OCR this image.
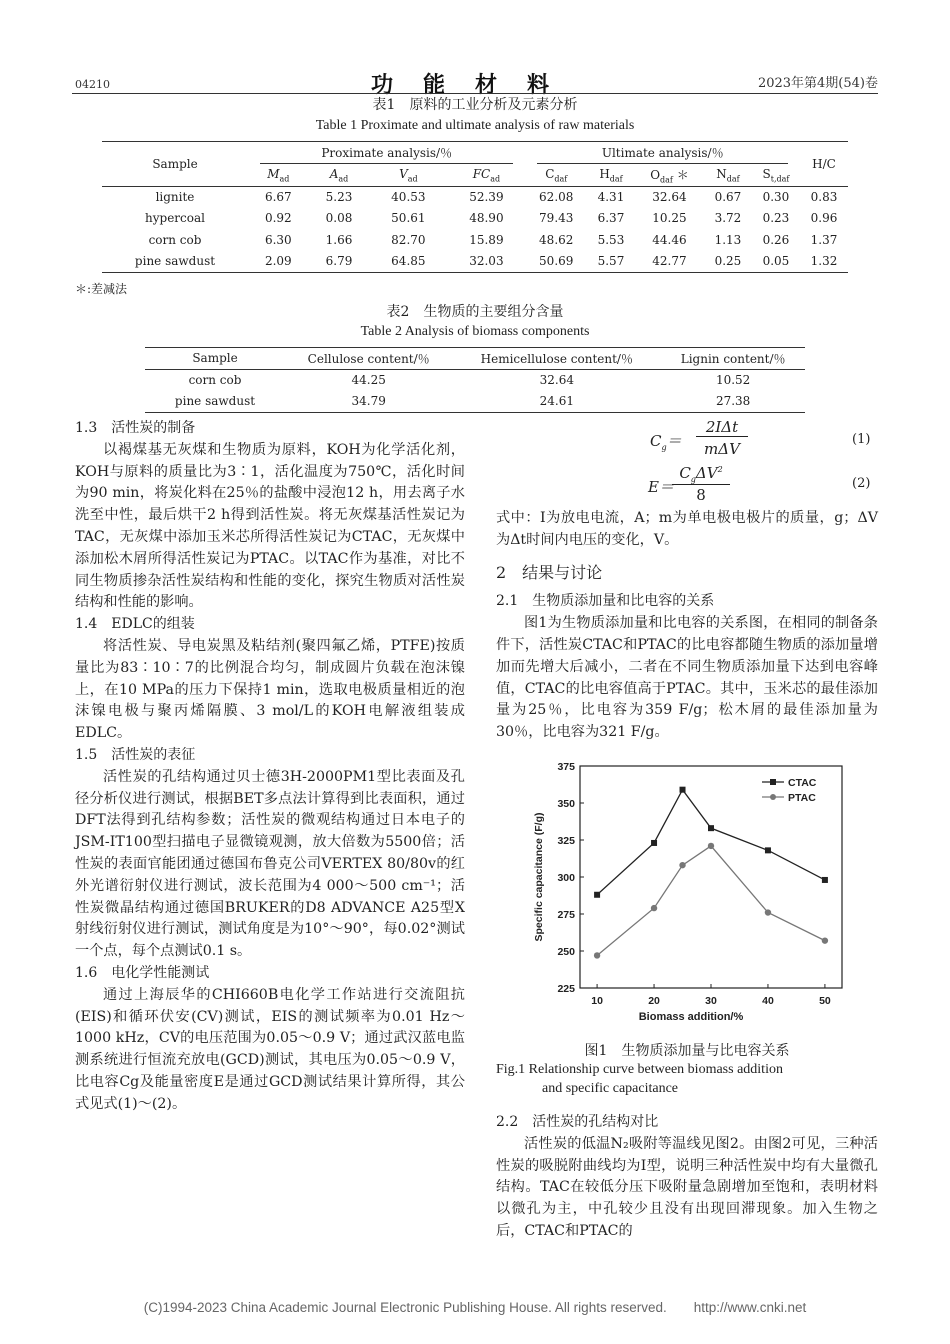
04210	功能材料	2023年第4期(54)卷
表1　原料的工业分析及元素分析
Table 1 Proximate and ultimate analysis of raw materials
Sample	Proximate analysis/％				Ultimate analysis/％					H/C
	$M_{ad}$	$A_{ad}$	$V_{ad}$	$FC_{ad}$	$C_{daf}$	$H_{daf}$	$O_{daf}$ ＊	$N_{daf}$	$S_{t,daf}$
lignite	6.67	5.23	40.53	52.39	62.08	4.31	32.64	0.67	0.30	0.83
hypercoal	0.92	0.08	50.61	48.90	79.43	6.37	10.25	3.72	0.23	0.96
corn cob	6.30	1.66	82.70	15.89	48.62	5.53	44.46	1.13	0.26	1.37
pine sawdust	2.09	6.79	64.85	32.03	50.69	5.57	42.77	0.25	0.05	1.32
＊:差减法
表2　生物质的主要组分含量
Table 2 Analysis of biomass components
Sample	Cellulose content/％	Hemicellulose content/％	Lignin content/％
corn cob	44.25	32.64	10.52
pine sawdust	34.79	24.61	27.38

1.3　活性炭的制备

以褐煤基无灰煤和生物质为原料，KOH为化学活化剂，KOH与原料的质量比为3∶1，活化温度为750℃，活化时间为90 min，将炭化料在25％的盐酸中浸泡12 h，用去离子水洗至中性，最后烘干2 h得到活性炭。将无灰煤基活性炭记为TAC，无灰煤中添加玉米芯所得活性炭记为CTAC，无灰煤中添加松木屑所得活性炭记为PTAC。以TAC作为基准，对比不同生物质掺杂活性炭结构和性能的变化，探究生物质对活性炭结构和性能的影响。

1.4　EDLC的组装

将活性炭、导电炭黑及粘结剂(聚四氟乙烯，PTFE)按质量比为83∶10∶7的比例混合均匀，制成圆片负载在泡沫镍上，在10 MPa的压力下保持1 min，选取电极质量相近的泡沫镍电极与聚丙烯隔膜、3 mol/L的KOH电解液组装成EDLC。

1.5　活性炭的表征

活性炭的孔结构通过贝士德3H-2000PM1型比表面及孔径分析仪进行测试，根据BET多点法计算得到比表面积，通过DFT法得到孔结构参数；活性炭的微观结构通过日本电子的JSM-IT100型扫描电子显微镜观测，放大倍数为5500倍；活性炭的表面官能团通过德国布鲁克公司VERTEX 80/80v的红外光谱衍射仪进行测试，波长范围为4 000～500 cm⁻¹；活性炭微晶结构通过德国BRUKER的D8 ADVANCE A25型X射线衍射仪进行测试，测试角度是为10°～90°，每0.02°测试一个点，每个点测试0.1 s。

1.6　电化学性能测试

通过上海辰华的CHI660B电化学工作站进行交流阻抗(EIS)和循环伏安(CV)测试，EIS的测试频率为0.01 Hz～1000 kHz，CV的电压范围为0.05～0.9 V；通过武汉蓝电监测系统进行恒流充放电(GCD)测试，其电压为0.05～0.9 V，比电容Cg及能量密度E是通过GCD测试结果计算所得，其公式见式(1)～(2)。

$C_g=$
2IΔt
mΔV
(1)
E＝
$C_g\Delta V^2$
8
(2)

式中：I为放电电流，A；m为单电极电极片的质量，g；ΔV为Δt时间内电压的变化，V。

2　结果与讨论

2.1　生物质添加量和比电容的关系

图1为生物质添加量和比电容的关系图，在相同的制备条件下，活性炭CTAC和PTAC的比电容都随生物质的添加量增加而先增大后减小，二者在不同生物质添加量下达到电容峰值，CTAC的比电容值高于PTAC。其中，玉米芯的最佳添加量为25％，比电容为359 F/g；松木屑的最佳添加量为30％，比电容为321 F/g。

225
250
275
300
325
350
375
10	20	30	40	50
Biomass addition/%
Specific capacitance (F/g)
CTAC
PTAC
图1　生物质添加量与比电容关系
Fig.1 Relationship curve between biomass addition
and specific capacitance

2.2　活性炭的孔结构对比

活性炭的低温N₂吸附等温线见图2。由图2可见，三种活性炭的吸脱附曲线均为I型，说明三种活性炭中均有大量微孔结构。TAC在较低分压下吸附量急剧增加至饱和，表明材料以微孔为主，中孔较少且没有出现回滞现象。加入生物之后，CTAC和PTAC的

(C)1994-2023 China Academic Journal Electronic Publishing House. All rights reserved.　　http://www.cnki.net
